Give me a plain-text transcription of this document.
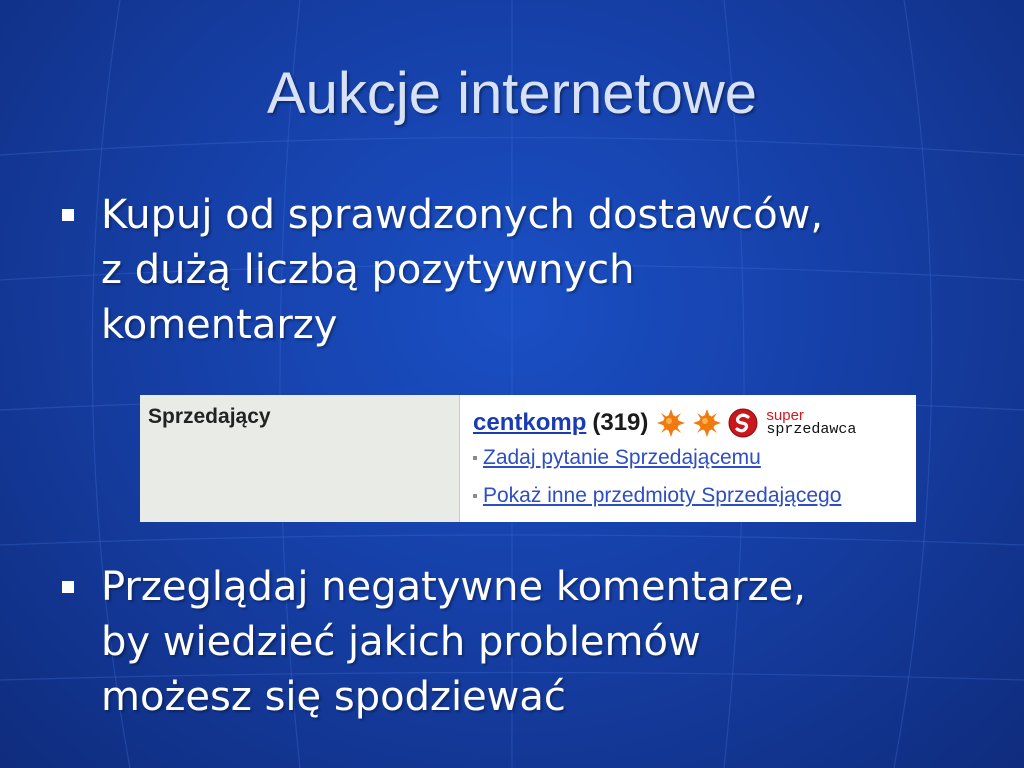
Aukcje internetowe
Kupuj od sprawdzonych dostawców,
z dużą liczbą pozytywnych
komentarzy
Sprzedający	centkomp (319)	super
sprzedawca
Zadaj pytanie Sprzedającemu
Pokaż inne przedmioty Sprzedającego
Przeglądaj negatywne komentarze,
by wiedzieć jakich problemów
możesz się spodziewać
